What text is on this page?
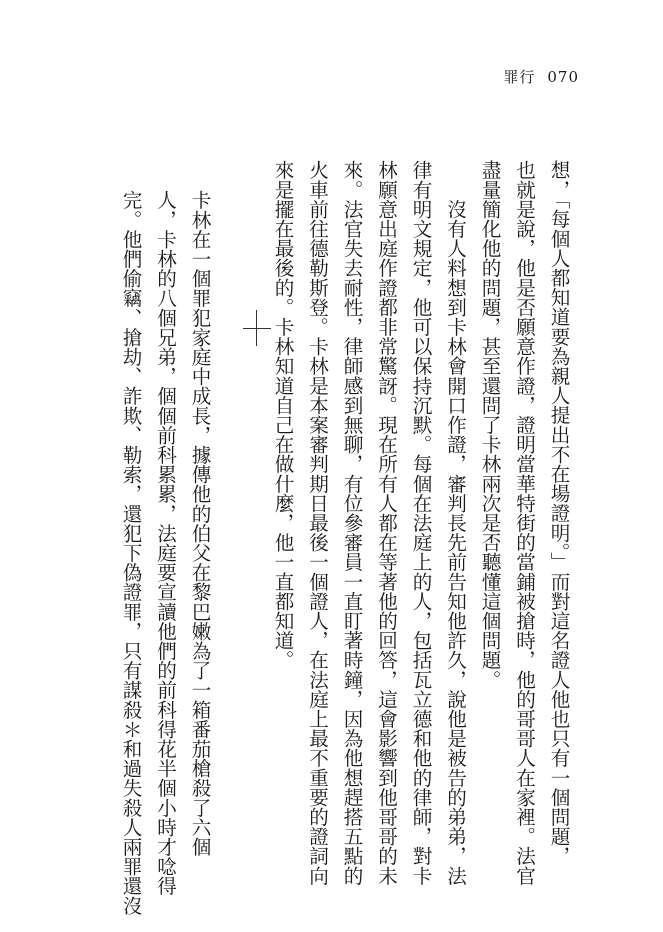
罪行 070
想，「每個人都知道要為親人提出不在場證明。」而對這名證人他也只有一個問題，
也就是說，他是否願意作證，證明當華特街的當鋪被搶時，他的哥哥人在家裡。法官
盡量簡化他的問題，甚至還問了卡林兩次是否聽懂這個問題。
　　沒有人料想到卡林會開口作證，審判長先前告知他許久，說他是被告的弟弟，法
律有明文規定，他可以保持沉默。每個在法庭上的人，包括瓦立德和他的律師，對卡
林願意出庭作證都非常驚訝。現在所有人都在等著他的回答，這會影響到他哥哥的未
來。法官失去耐性，律師感到無聊，有位參審員一直盯著時鐘，因為他想趕搭五點的
火車前往德勒斯登。卡林是本案審判期日最後一個證人，在法庭上最不重要的證詞向
來是擺在最後的。卡林知道自己在做什麼，他一直都知道。
卡林在一個罪犯家庭中成長，據傳他的伯父在黎巴嫩為了一箱番茄槍殺了六個
人，卡林的八個兄弟，個個前科累累，法庭要宣讀他們的前科得花半個小時才唸得
完。他們偷竊、搶劫、詐欺、勒索，還犯下偽證罪，只有謀殺＊和過失殺人兩罪還沒
